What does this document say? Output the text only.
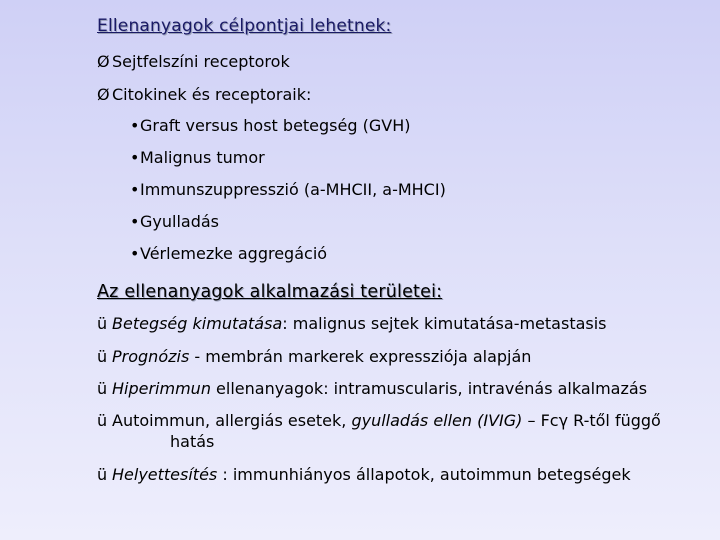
Ellenanyagok célpontjai lehetnek:
Ø Sejtfelszíni receptorok
Ø Citokinek és receptoraik:
•Graft versus host betegség (GVH)
•Malignus tumor
•Immunszuppresszió (a-MHCII, a-MHCI)
•Gyulladás
•Vérlemezke aggregáció
Az ellenanyagok alkalmazási területei:
ü Betegség kimutatása: malignus sejtek kimutatása-metastasis
ü Prognózis - membrán markerek expressziója alapján
ü Hiperimmun ellenanyagok: intramuscularis, intravénás alkalmazás
ü Autoimmun, allergiás esetek, gyulladás ellen (IVIG) – Fcγ R-től függő
hatás
ü Helyettesítés : immunhiányos állapotok, autoimmun betegségek
